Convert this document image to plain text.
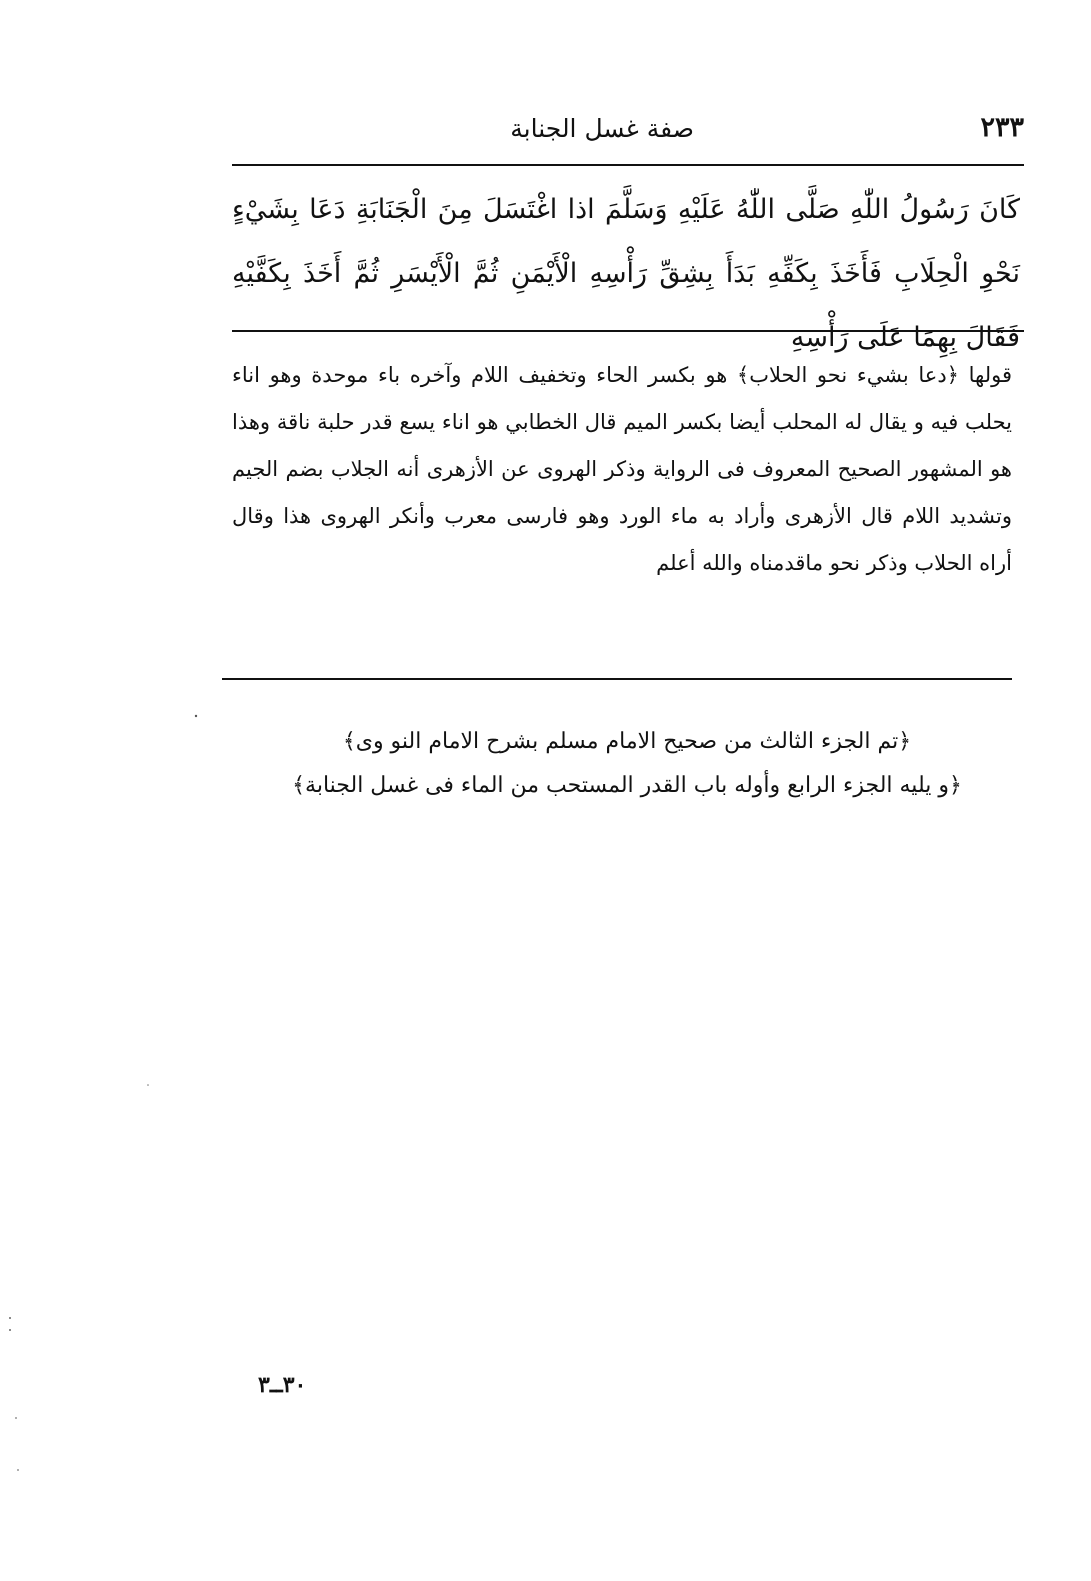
٢٣٣
صفة غسل الجنابة
كَانَ رَسُولُ اللّٰهِ صَلَّى اللّٰهُ عَلَيْهِ وَسَلَّمَ اذا اغْتَسَلَ مِنَ الْجَنَابَةِ دَعَا بِشَيْءٍ نَحْوِ الْحِلَابِ فَأَخَذَ بِكَفِّهِ بَدَأَ بِشِقِّ رَأْسِهِ الْأَيْمَنِ ثُمَّ الْأَيْسَرِ ثُمَّ أَخَذَ بِكَفَّيْهِ فَقَالَ بِهِمَا عَلَى رَأْسِهِ
قولها ﴿دعا بشيء نحو الحلاب﴾ هو بكسر الحاء وتخفيف اللام وآخره باء موحدة وهو اناء يحلب فيه و يقال له المحلب أيضا بكسر الميم قال الخطابي هو اناء يسع قدر حلبة ناقة وهذا هو المشهور الصحيح المعروف فى الرواية وذكر الهروى عن الأزهرى أنه الجلاب بضم الجيم وتشديد اللام قال الأزهرى وأراد به ماء الورد وهو فارسى معرب وأنكر الهروى هذا وقال أراه الحلاب وذكر نحو ماقدمناه والله أعلم
﴿تم الجزء الثالث من صحيح الامام مسلم بشرح الامام النو وى﴾
﴿و يليه الجزء الرابع وأوله باب القدر المستحب من الماء فى غسل الجنابة﴾
٣٠ــ٣
